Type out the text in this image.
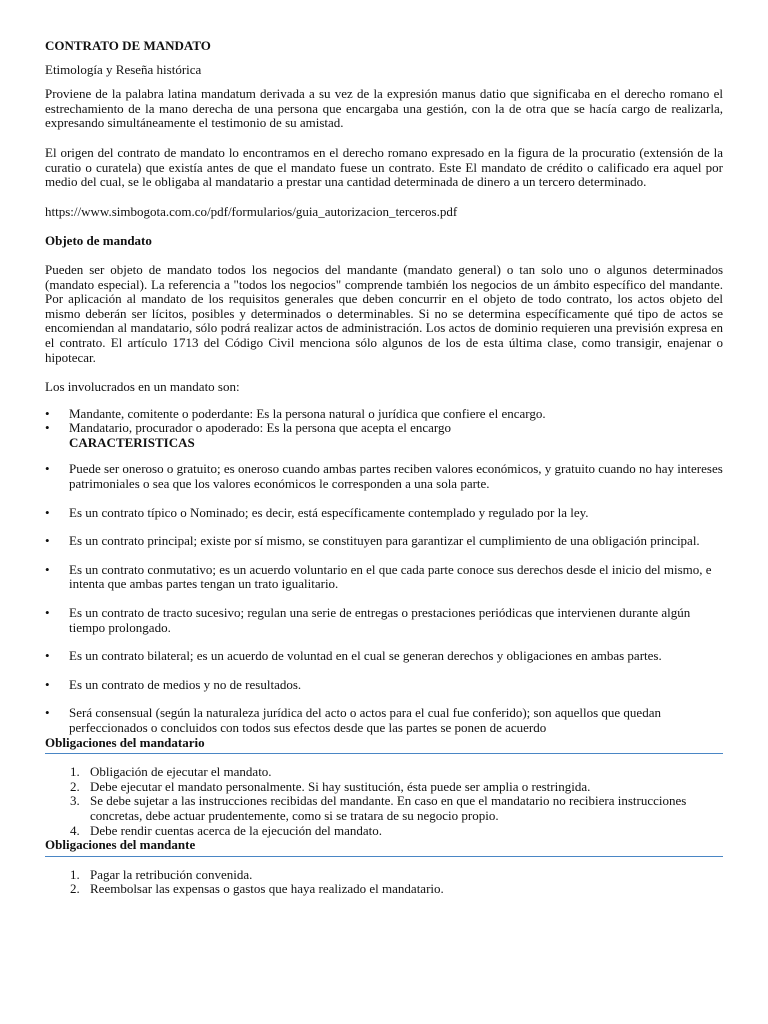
CONTRATO DE MANDATO

Etimología y Reseña histórica

Proviene de la palabra latina mandatum derivada a su vez de la expresión manus datio que significaba en el derecho romano el estrechamiento de la mano derecha de una persona que encargaba una gestión, con la de otra que se hacía cargo de realizarla, expresando simultáneamente el testimonio de su amistad.

El origen del contrato de mandato lo encontramos en el derecho romano expresado en la figura de la procuratio (extensión de la curatio o curatela) que existía antes de que el mandato fuese un contrato. Este El mandato de crédito o calificado era aquel por medio del cual, se le obligaba al mandatario a prestar una cantidad determinada de dinero a un tercero determinado.

https://www.simbogota.com.co/pdf/formularios/guia_autorizacion_terceros.pdf

Objeto de mandato

Pueden ser objeto de mandato todos los negocios del mandante (mandato general) o tan solo uno o algunos determinados (mandato especial). La referencia a "todos los negocios" comprende también los negocios de un ámbito específico del mandante. Por aplicación al mandato de los requisitos generales que deben concurrir en el objeto de todo contrato, los actos objeto del mismo deberán ser lícitos, posibles y determinados o determinables. Si no se determina específicamente qué tipo de actos se encomiendan al mandatario, sólo podrá realizar actos de administración. Los actos de dominio requieren una previsión expresa en el contrato. El artículo 1713 del Código Civil menciona sólo algunos de los de esta última clase, como transigir, enajenar o hipotecar.

Los involucrados en un mandato son:

• Mandante, comitente o poderdante: Es la persona natural o jurídica que confiere el encargo.
• Mandatario, procurador o apoderado: Es la persona que acepta el encargo

CARACTERISTICAS

• Puede ser oneroso o gratuito; es oneroso cuando ambas partes reciben valores económicos, y gratuito cuando no hay intereses patrimoniales o sea que los valores económicos le corresponden a una sola parte.
• Es un contrato típico o Nominado; es decir, está específicamente contemplado y regulado por la ley.
• Es un contrato principal; existe por sí mismo, se constituyen para garantizar el cumplimiento de una obligación principal.
• Es un contrato conmutativo; es un acuerdo voluntario en el que cada parte conoce sus derechos desde el inicio del mismo, e intenta que ambas partes tengan un trato igualitario.
• Es un contrato de tracto sucesivo; regulan una serie de entregas o prestaciones periódicas que intervienen durante algún tiempo prolongado.
• Es un contrato bilateral; es un acuerdo de voluntad en el cual se generan derechos y obligaciones en ambas partes.
• Es un contrato de medios y no de resultados.
• Será consensual (según la naturaleza jurídica del acto o actos para el cual fue conferido); son aquellos que quedan perfeccionados o concluidos con todos sus efectos desde que las partes se ponen de acuerdo

Obligaciones del mandatario

1. Obligación de ejecutar el mandato.
2. Debe ejecutar el mandato personalmente. Si hay sustitución, ésta puede ser amplia o restringida.
3. Se debe sujetar a las instrucciones recibidas del mandante. En caso en que el mandatario no recibiera instrucciones concretas, debe actuar prudentemente, como si se tratara de su negocio propio.
4. Debe rendir cuentas acerca de la ejecución del mandato.

Obligaciones del mandante

1. Pagar la retribución convenida.
2. Reembolsar las expensas o gastos que haya realizado el mandatario.
